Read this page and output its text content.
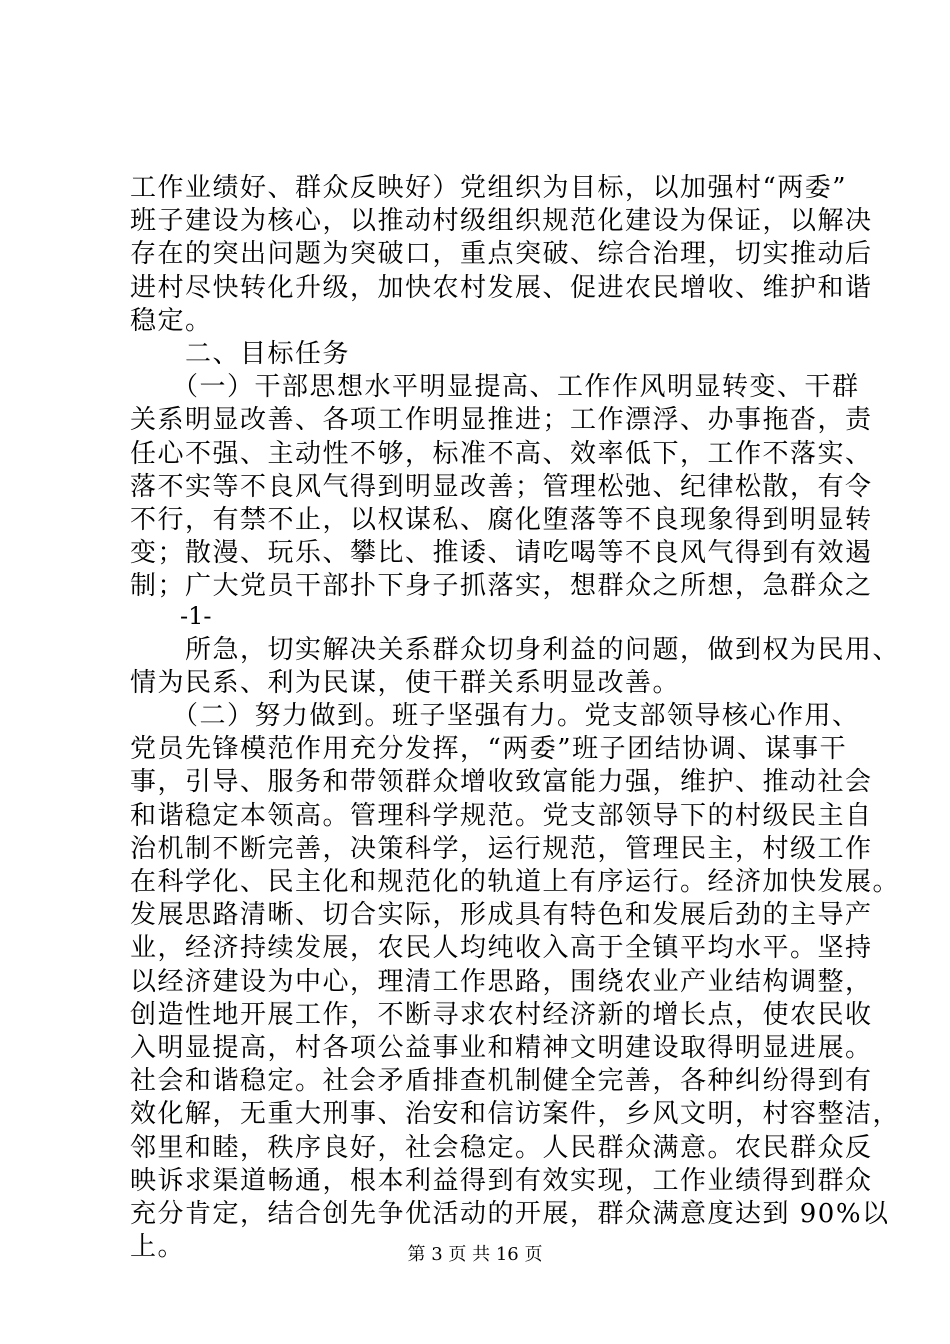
工作业绩好、群众反映好）党组织为目标，以加强村“两委”
班子建设为核心，以推动村级组织规范化建设为保证，以解决
存在的突出问题为突破口，重点突破、综合治理，切实推动后
进村尽快转化升级，加快农村发展、促进农民增收、维护和谐
稳定。
　　二、目标任务
　　（一）干部思想水平明显提高、工作作风明显转变、干群
关系明显改善、各项工作明显推进；工作漂浮、办事拖沓，责
任心不强、主动性不够，标准不高、效率低下，工作不落实、
落不实等不良风气得到明显改善；管理松弛、纪律松散，有令
不行，有禁不止，以权谋私、腐化堕落等不良现象得到明显转
变；散漫、玩乐、攀比、推诿、请吃喝等不良风气得到有效遏
制；广大党员干部扑下身子抓落实，想群众之所想，急群众之
-1-
　　所急，切实解决关系群众切身利益的问题，做到权为民用、
情为民系、利为民谋，使干群关系明显改善。
　　（二）努力做到。班子坚强有力。党支部领导核心作用、
党员先锋模范作用充分发挥，“两委”班子团结协调、谋事干
事，引导、服务和带领群众增收致富能力强，维护、推动社会
和谐稳定本领高。管理科学规范。党支部领导下的村级民主自
治机制不断完善，决策科学，运行规范，管理民主，村级工作
在科学化、民主化和规范化的轨道上有序运行。经济加快发展。
发展思路清晰、切合实际，形成具有特色和发展后劲的主导产
业，经济持续发展，农民人均纯收入高于全镇平均水平。坚持
以经济建设为中心，理清工作思路，围绕农业产业结构调整，
创造性地开展工作，不断寻求农村经济新的增长点，使农民收
入明显提高，村各项公益事业和精神文明建设取得明显进展。
社会和谐稳定。社会矛盾排查机制健全完善，各种纠纷得到有
效化解，无重大刑事、治安和信访案件，乡风文明，村容整洁，
邻里和睦，秩序良好，社会稳定。人民群众满意。农民群众反
映诉求渠道畅通，根本利益得到有效实现，工作业绩得到群众
第 3 页 共 16 页
充分肯定，结合创先争优活动的开展，群众满意度达到 90%以
上。
